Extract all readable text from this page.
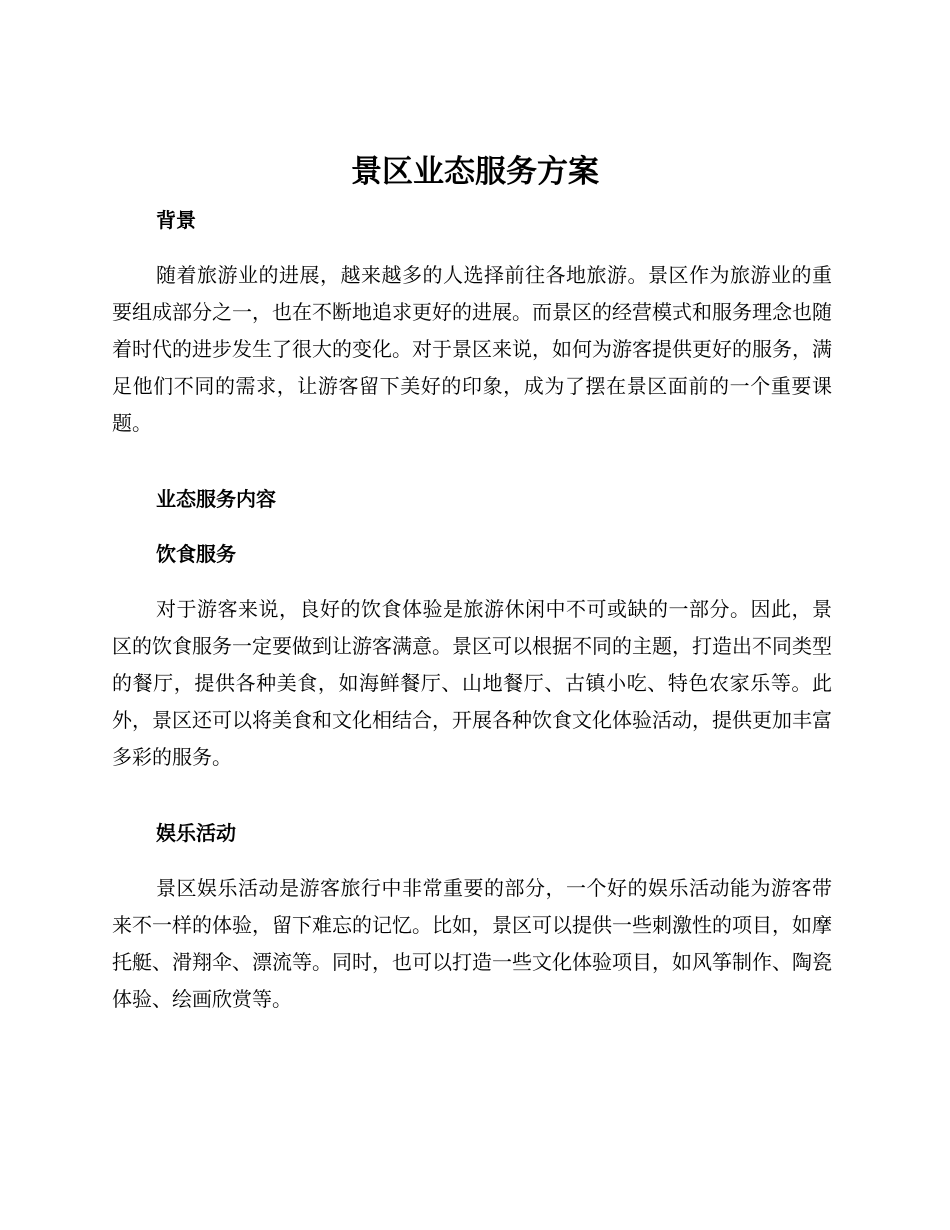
景区业态服务方案
背景

随着旅游业的进展，越来越多的人选择前往各地旅游。景区作为旅游业的重要组成部分之一，也在不断地追求更好的进展。而景区的经营模式和服务理念也随着时代的进步发生了很大的变化。对于景区来说，如何为游客提供更好的服务，满足他们不同的需求，让游客留下美好的印象，成为了摆在景区面前的一个重要课题。

业态服务内容
饮食服务

对于游客来说，良好的饮食体验是旅游休闲中不可或缺的一部分。因此，景区的饮食服务一定要做到让游客满意。景区可以根据不同的主题，打造出不同类型的餐厅，提供各种美食，如海鲜餐厅、山地餐厅、古镇小吃、特色农家乐等。此外，景区还可以将美食和文化相结合，开展各种饮食文化体验活动，提供更加丰富多彩的服务。

娱乐活动

景区娱乐活动是游客旅行中非常重要的部分，一个好的娱乐活动能为游客带来不一样的体验，留下难忘的记忆。比如，景区可以提供一些刺激性的项目，如摩托艇、滑翔伞、漂流等。同时，也可以打造一些文化体验项目，如风筝制作、陶瓷体验、绘画欣赏等。
